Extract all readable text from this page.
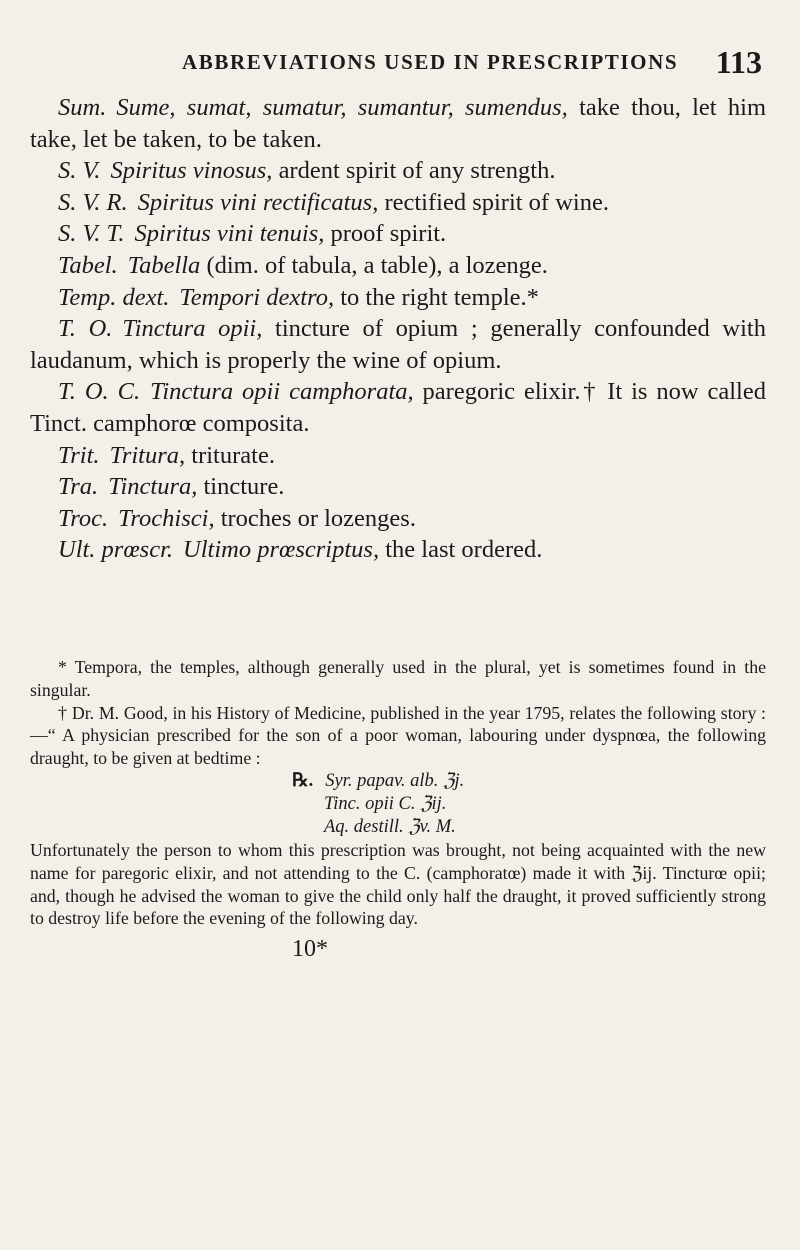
ABBREVIATIONS USED IN PRESCRIPTIONS 113

Sum. Sume, sumat, sumatur, sumantur, sumendus, take thou, let him take, let be taken, to be taken.

S. V. Spiritus vinosus, ardent spirit of any strength.

S. V. R. Spiritus vini rectificatus, rectified spirit of wine.

S. V. T. Spiritus vini tenuis, proof spirit.

Tabel. Tabella (dim. of tabula, a table), a lozenge.

Temp. dext. Tempori dextro, to the right temple.*

T. O. Tinctura opii, tincture of opium ; generally confounded with laudanum, which is properly the wine of opium.

T. O. C. Tinctura opii camphorata, paregoric elixir.† It is now called Tinct. camphorœ composita.

Trit. Tritura, triturate.

Tra. Tinctura, tincture.

Troc. Trochisci, troches or lozenges.

Ult. prœscr. Ultimo prœscriptus, the last ordered.

* Tempora, the temples, although generally used in the plural, yet is sometimes found in the singular.

† Dr. M. Good, in his History of Medicine, published in the year 1795, relates the following story :—“ A physician prescribed for the son of a poor woman, labouring under dyspnœa, the following draught, to be given at bedtime :

℞. Syr. papav. alb. ℨj.
Tinc. opii C. ℨij.
Aq. destill. ℨv. M.

Unfortunately the person to whom this prescription was brought, not being acquainted with the new name for paregoric elixir, and not attending to the C. (camphoratœ) made it with ℨij. Tincturœ opii; and, though he advised the woman to give the child only half the draught, it proved sufficiently strong to destroy life before the evening of the following day.

10*
